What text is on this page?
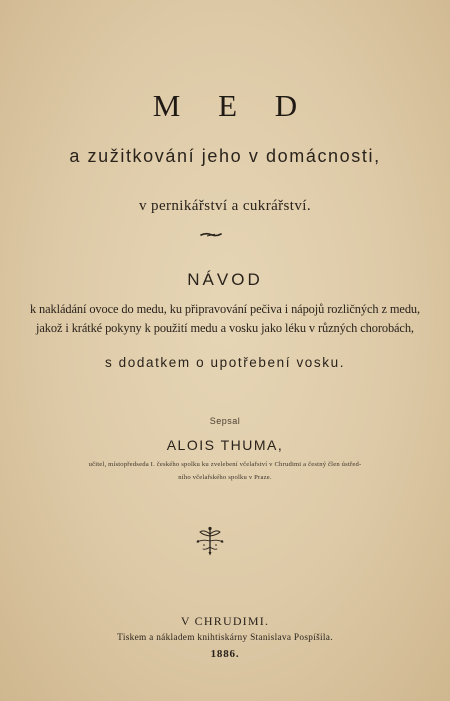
M E D
a zužitkování jeho v domácnosti,
v pernikářství a cukrářství.
NÁVOD
k nakládání ovoce do medu, ku připravování pečiva i nápojů rozličných z medu,
jakož i krátké pokyny k použití medu a vosku jako léku v různých chorobách,
s dodatkem o upotřebení vosku.
Sepsal
ALOIS THUMA,
učitel, místopředseda I. českého spolku ku zvelebení včelařství v Chrudimi a čestný člen ústřed-
ního včelařského spolku v Praze.
V CHRUDIMI.
Tiskem a nákladem knihtiskárny Stanislava Pospíšila.
1886.
